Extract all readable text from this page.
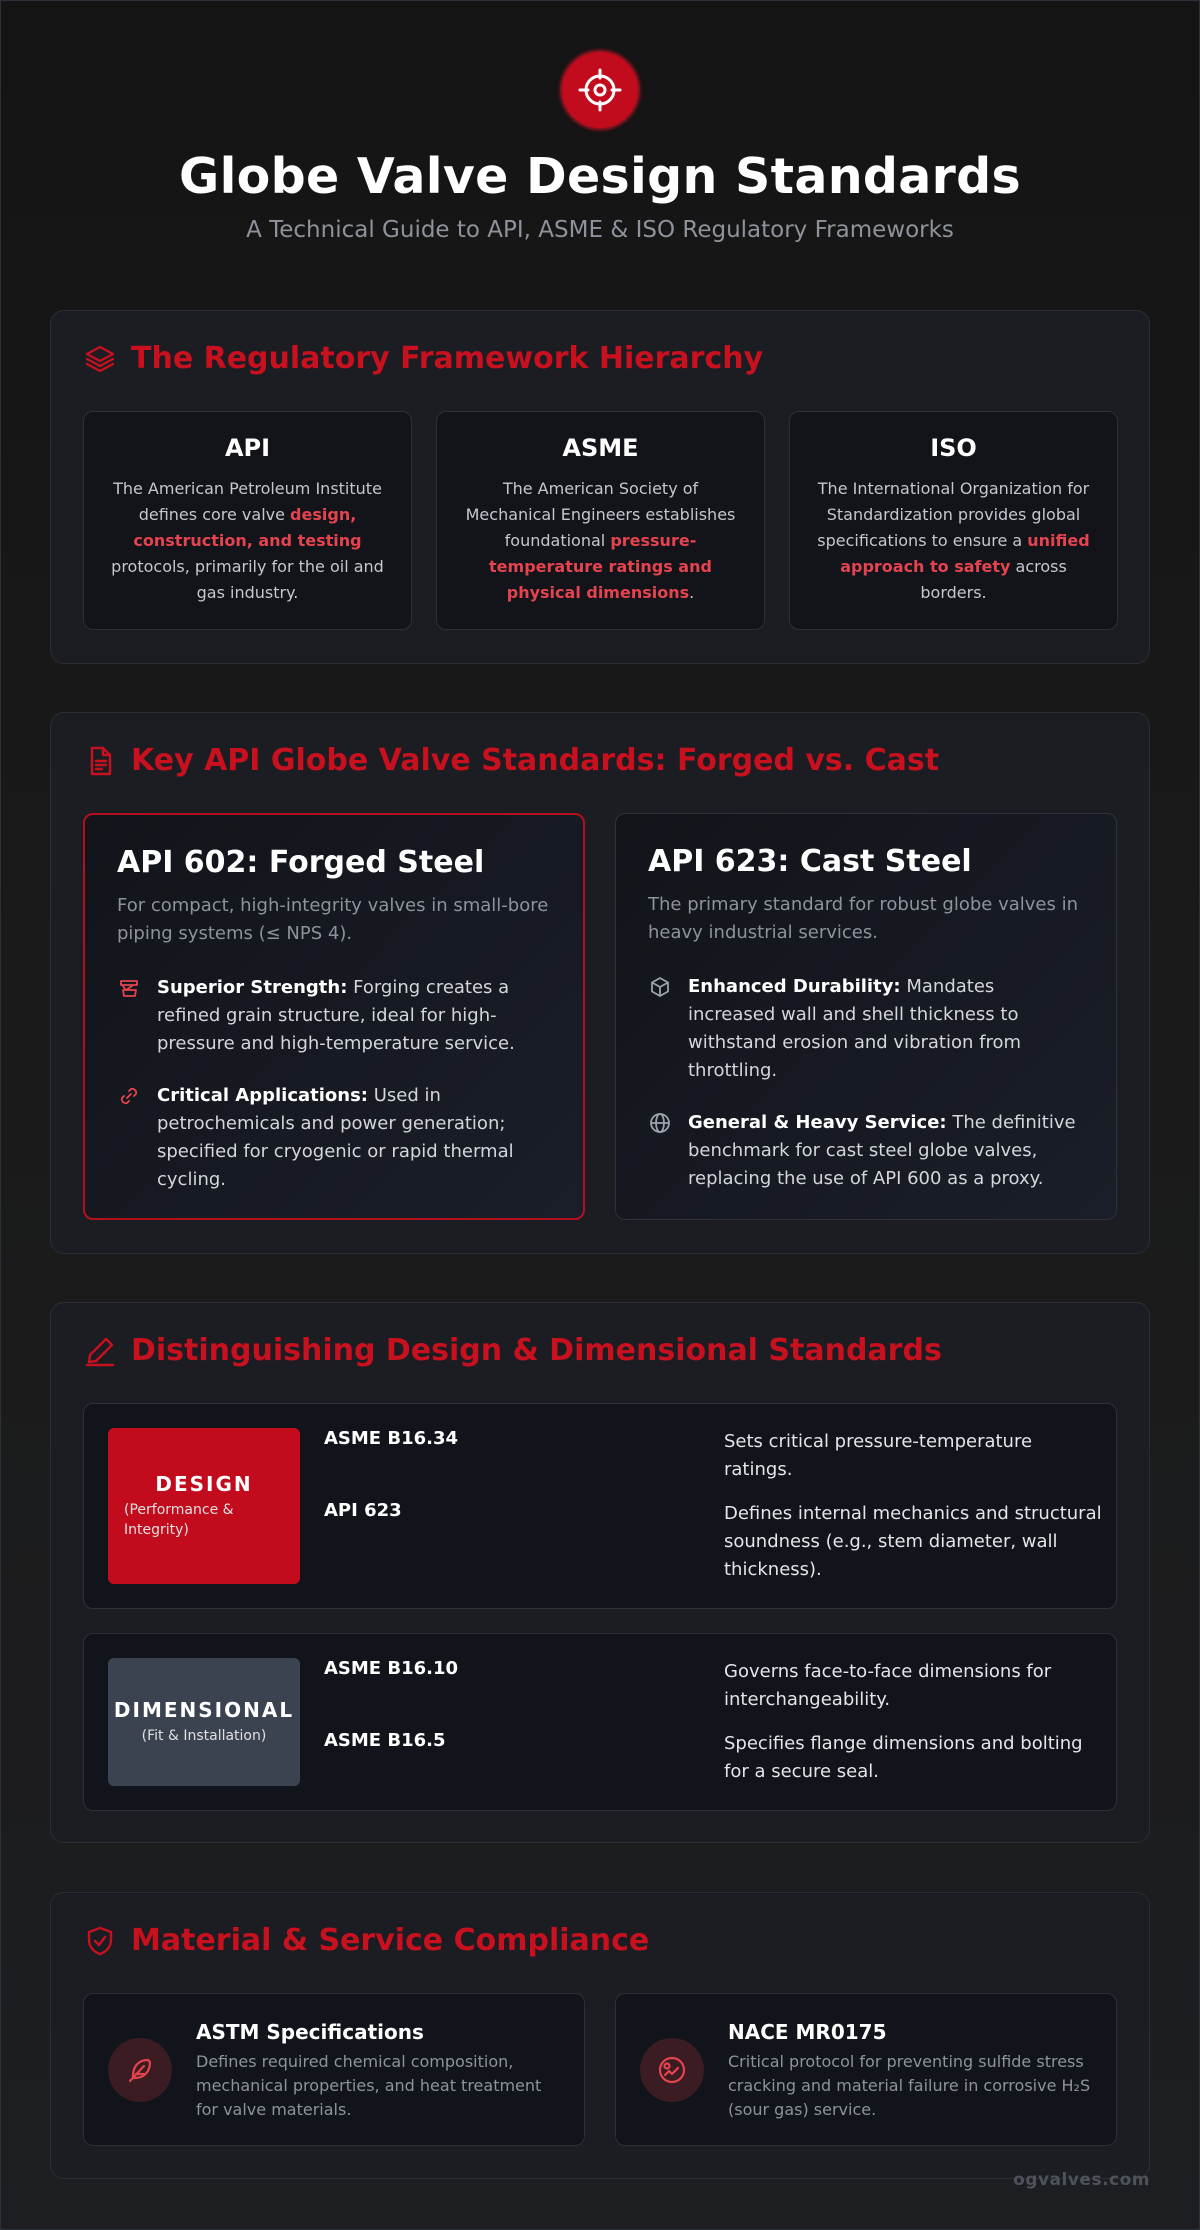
Globe Valve Design Standards
A Technical Guide to API, ASME & ISO Regulatory Frameworks
The Regulatory Framework Hierarchy
API
The American Petroleum Institute defines core valve design, construction, and testing protocols, primarily for the oil and gas industry.
ASME
The American Society of Mechanical Engineers establishes foundational pressure-temperature ratings and physical dimensions.
ISO
The International Organization for Standardization provides global specifications to ensure a unified approach to safety across borders.
Key API Globe Valve Standards: Forged vs. Cast
API 602: Forged Steel
For compact, high-integrity valves in small-bore piping systems (≤ NPS 4).
Superior Strength: Forging creates a refined grain structure, ideal for high-pressure and high-temperature service.
Critical Applications: Used in petrochemicals and power generation; specified for cryogenic or rapid thermal cycling.
API 623: Cast Steel
The primary standard for robust globe valves in heavy industrial services.
Enhanced Durability: Mandates increased wall and shell thickness to withstand erosion and vibration from throttling.
General & Heavy Service: The definitive benchmark for cast steel globe valves, replacing the use of API 600 as a proxy.
Distinguishing Design & Dimensional Standards
DESIGN
(Performance & Integrity)
ASME B16.34	Sets critical pressure-temperature ratings.
API 623	Defines internal mechanics and structural soundness (e.g., stem diameter, wall thickness).
DIMENSIONAL
(Fit & Installation)
ASME B16.10	Governs face-to-face dimensions for interchangeability.
ASME B16.5	Specifies flange dimensions and bolting for a secure seal.
Material & Service Compliance
ASTM Specifications
Defines required chemical composition, mechanical properties, and heat treatment for valve materials.
NACE MR0175
Critical protocol for preventing sulfide stress cracking and material failure in corrosive H₂S (sour gas) service.
ogvalves.com
